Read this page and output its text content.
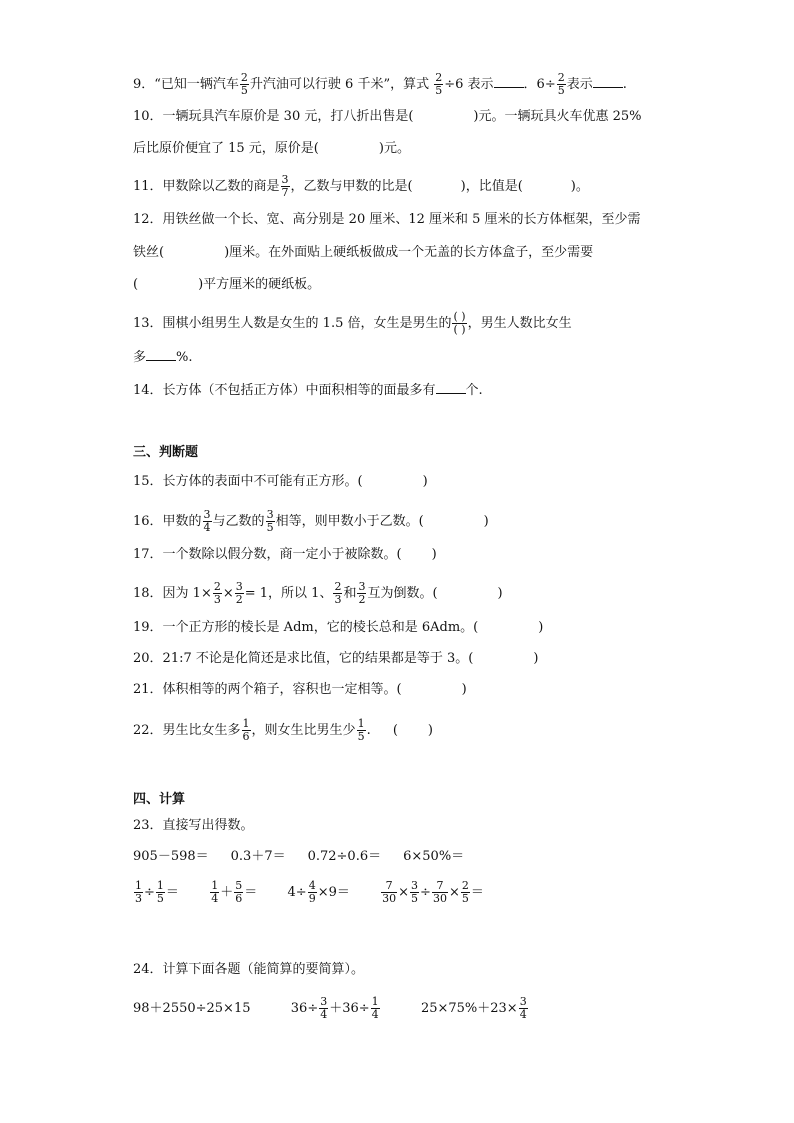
9．“已知一辆汽车 $\frac{2}{5}$ 升汽油可以行驶 6 千米”，算式 $\frac{2}{5} \div 6$ 表示 ．$6\div \frac{2}{5}$ 表示 .
10．一辆玩具汽车原价是 30 元，打八折出售是(	)元。一辆玩具火车优惠 25%
后比原价便宜了 15 元，原价是(	)元。
11．甲数除以乙数的商是 $\frac{3}{7}$ ，乙数与甲数的比是(	)，比值是(	)。
12．用铁丝做一个长、宽、高分别是 20 厘米、12 厘米和 5 厘米的长方体框架，至少需
铁丝(	)厘米。在外面贴上硬纸板做成一个无盖的长方体盒子，至少需要
(	)平方厘米的硬纸板。
13．围棋小组男生人数是女生的 1.5 倍，女生是男生的 ( )
( ) ，男生人数比女生
多 %.
14．长方体（不包括正方体）中面积相等的面最多有 个.
三、判断题
15．长方体的表面中不可能有正方形。(	)
16．甲数的 $\frac{3}{4}$ 与乙数的 $\frac{3}{5}$ 相等，则甲数小于乙数。(	)
17．一个数除以假分数，商一定小于被除数。( )
18．因为 $1\times \frac{2}{3} \times \frac{3}{2} = 1$，所以 1、 $\frac{2}{3}$ 和 $\frac{3}{2}$ 互为倒数。(	)
19．一个正方形的棱长是 Adm，它的棱长总和是 6Adm。(	)
20．21:7 不论是化简还是求比值，它的结果都是等于 3。(	)
21．体积相等的两个箱子，容积也一定相等。(	)
22．男生比女生多 $\frac{1}{6}$ ，则女生比男生少 $\frac{1}{5}$ . ( )
四、计算
23．直接写出得数。
905－598＝ 0.3＋7＝ 0.72÷0.6＝ 6×50%＝
$\frac{1}{3} \div \frac{1}{5}$ ＝	$\frac{1}{4} + \frac{5}{6} = 4\div \frac{4}{9} \times 9=$	$\frac{7}{30} \times \frac{3}{5} \div \frac{7}{30} \times \frac{2}{5}$ ＝
24．计算下面各题（能简算的要简算）。
98＋2550÷25×15	$36\div \frac{3}{4} +36\div \frac{1}{4}$	$25\times 75\%+23\times \frac{3}{4}$
